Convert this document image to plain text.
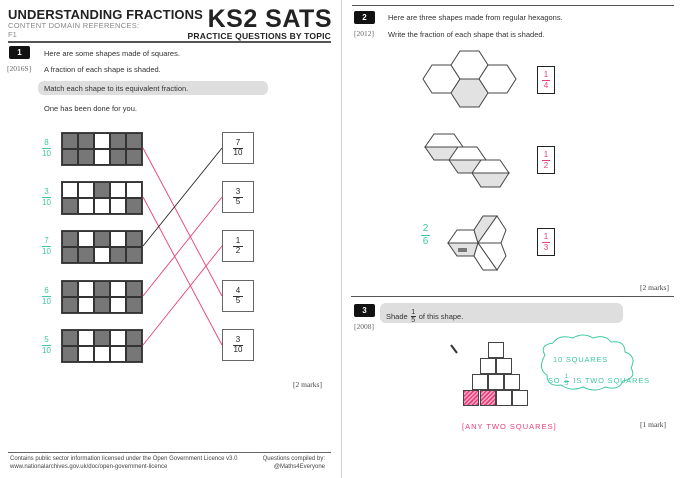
UNDERSTANDING FRACTIONS
CONTENT DOMAIN REFERENCES:
F1
KS2 SATS
PRACTICE QUESTIONS BY TOPIC
1
[2016S]
Here are some shapes made of squares.
A fraction of each shape is shaded.
Match each shape to its equivalent fraction.
One has been done for you.
8
10
3
10
7
10
6
10
5
10
7
10
3
5
1
2
4
5
3
10
[2 marks]
Contains public sector information licensed under the Open Government Licence v3.0
www.nationalarchives.gov.uk/doc/open-government-licence
Questions compiled by:
@Maths4Everyone
2
[2012]
Here are three shapes made from regular hexagons.
Write the fraction of each shape that is shaded.
1
4
1
2
2
6	1
3
[2 marks]
3
[2008]
Shade 1
5 of this shape.
10 SQUARES
SO 1
5 IS TWO SQUARES
[ANY TWO SQUARES]	[1 mark]
